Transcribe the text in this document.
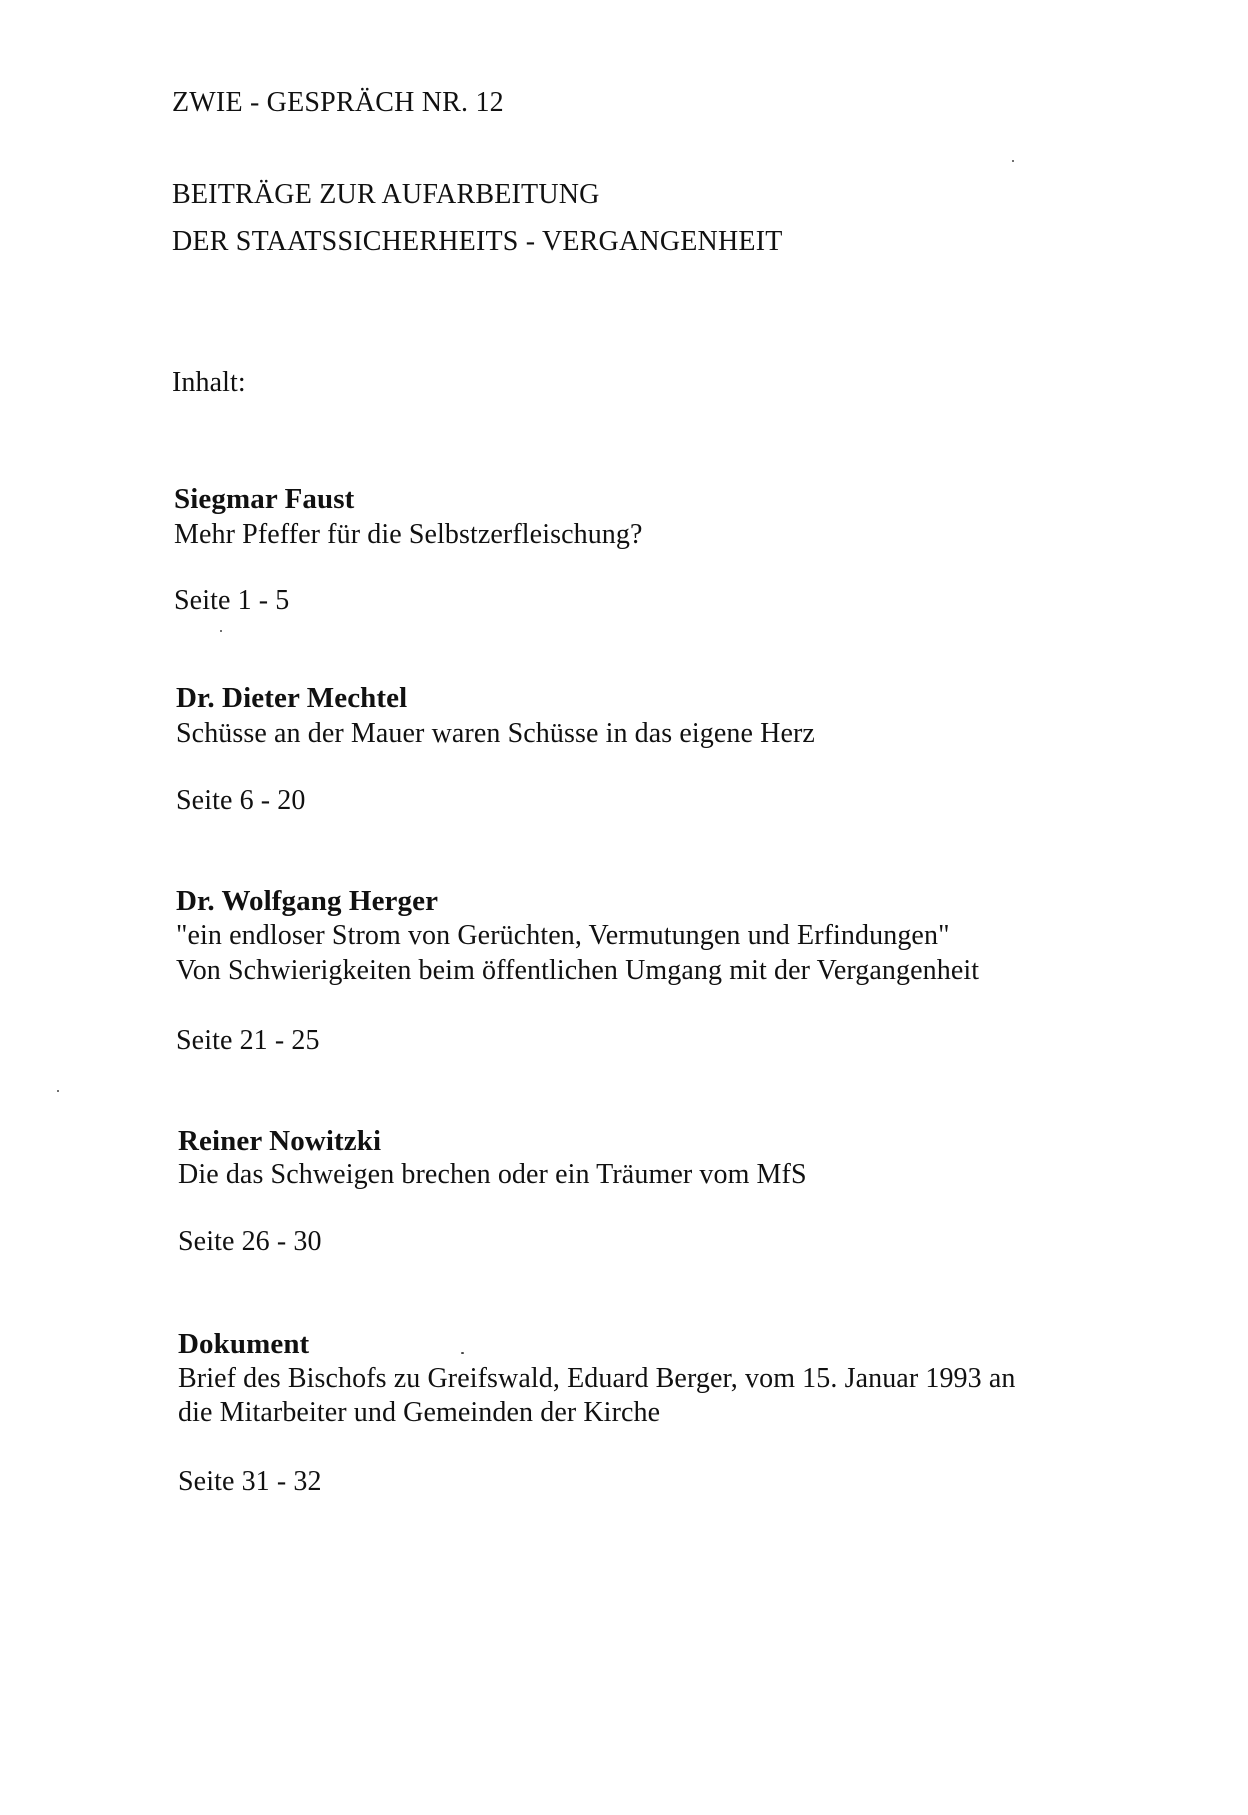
ZWIE - GESPRÄCH NR. 12
BEITRÄGE ZUR AUFARBEITUNG
DER STAATSSICHERHEITS - VERGANGENHEIT
Inhalt:
Siegmar Faust
Mehr Pfeffer für die Selbstzerfleischung?
Seite 1 - 5
Dr. Dieter Mechtel
Schüsse an der Mauer waren Schüsse in das eigene Herz
Seite 6 - 20
Dr. Wolfgang Herger
"ein endloser Strom von Gerüchten, Vermutungen und Erfindungen"
Von Schwierigkeiten beim öffentlichen Umgang mit der Vergangenheit
Seite 21 - 25
Reiner Nowitzki
Die das Schweigen brechen oder ein Träumer vom MfS
Seite 26 - 30
Dokument
Brief des Bischofs zu Greifswald, Eduard Berger, vom 15. Januar 1993 an
die Mitarbeiter und Gemeinden der Kirche
Seite 31 - 32
